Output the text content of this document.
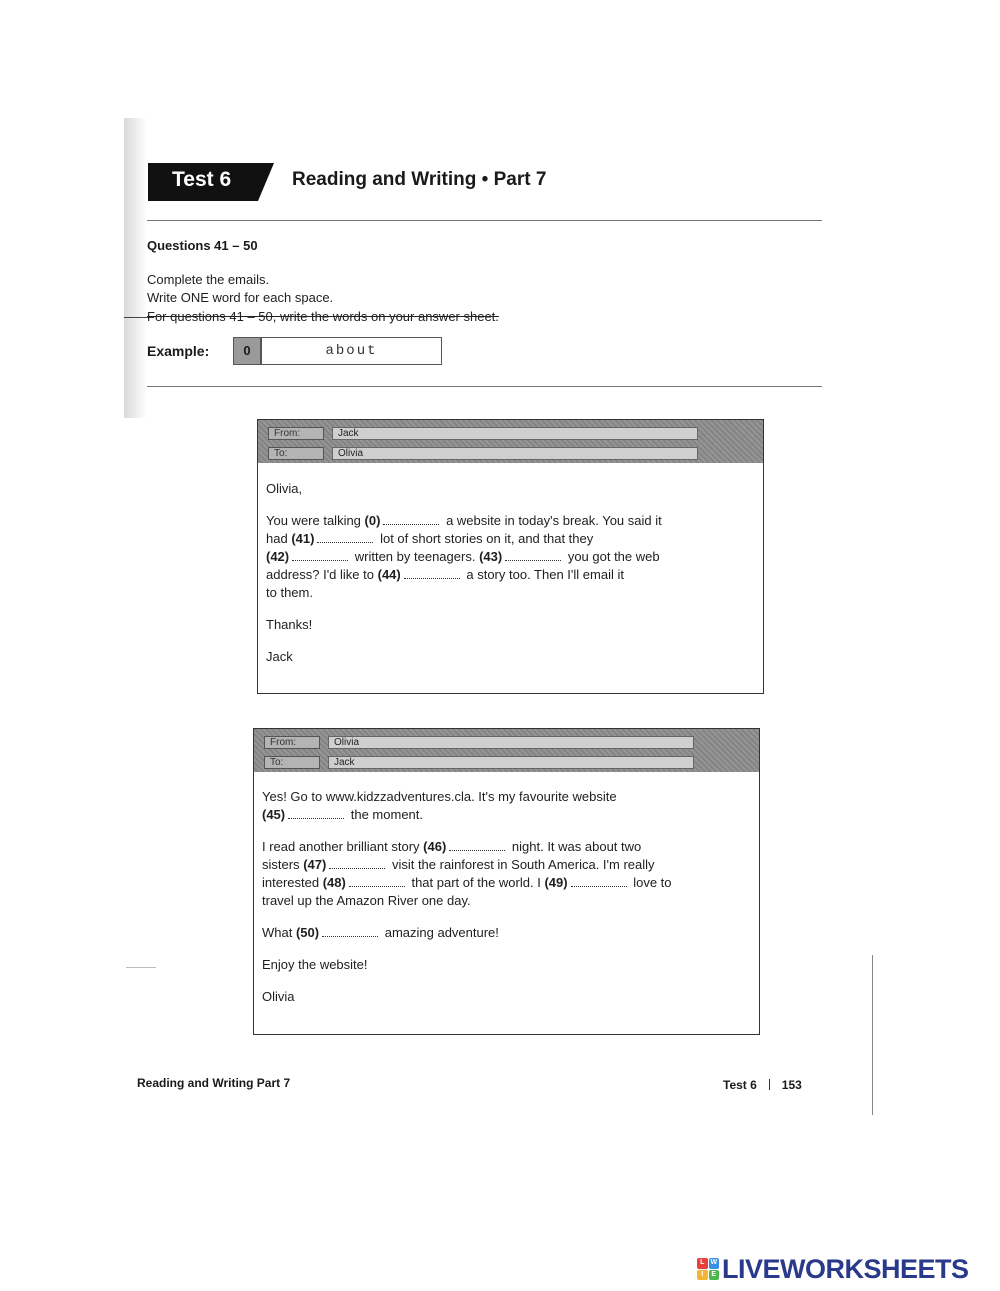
Test 6	Reading and Writing • Part 7
Questions 41 – 50
Complete the emails.
Write ONE word for each space.
For questions 41 – 50, write the words on your answer sheet.
Example:	0	about
From:	Jack
To:	Olivia

Olivia,

You were talking (0)	a website in today's break. You said it
had (41)	lot of short stories on it, and that they
(42)	written by teenagers. (43)	you got the web
address? I'd like to (44)	a story too. Then I'll email it
to them.

Thanks!

Jack

From:	Olivia
To:	Jack

Yes! Go to www.kidzzadventures.cla. It's my favourite website
(45)	the moment.

I read another brilliant story (46)	night. It was about two
sisters (47)	visit the rainforest in South America. I'm really
interested (48)	that part of the world. I (49)	love to
travel up the Amazon River one day.

What (50)	amazing adventure!

Enjoy the website!

Olivia

Reading and Writing Part 7	Test 6 153
L W
I	E LIVEWORKSHEETS
